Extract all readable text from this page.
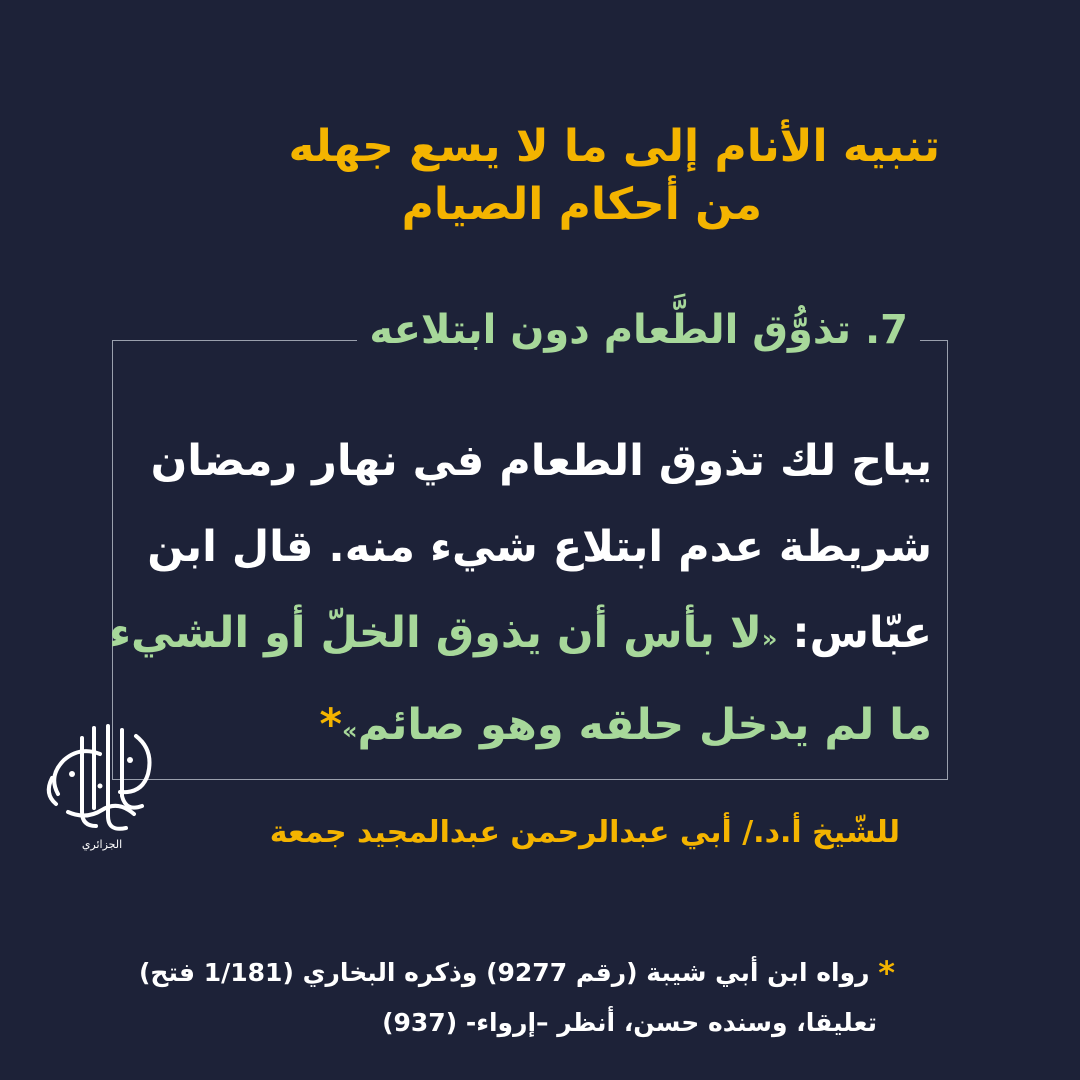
تنبيه الأنام إلى ما لا يسع جهله
من أحكام الصيام
7. تذوُّق الطَّعام دون ابتلاعه
يباح لك تذوق الطعام في نهار رمضان
شريطة عدم ابتلاع شيء منه. قال ابن
عبّاس: «لا بأس أن يذوق الخلّ أو الشيء
ما لم يدخل حلقه وهو صائم»*
الجزائري	للشّيخ أ.د./ أبي عبدالرحمن عبدالمجيد جمعة
* رواه ابن أبي شيبة (رقم 9277) وذكره البخاري (1/181 فتح)
تعليقا، وسنده حسن، أنظر –إرواء- (937)
